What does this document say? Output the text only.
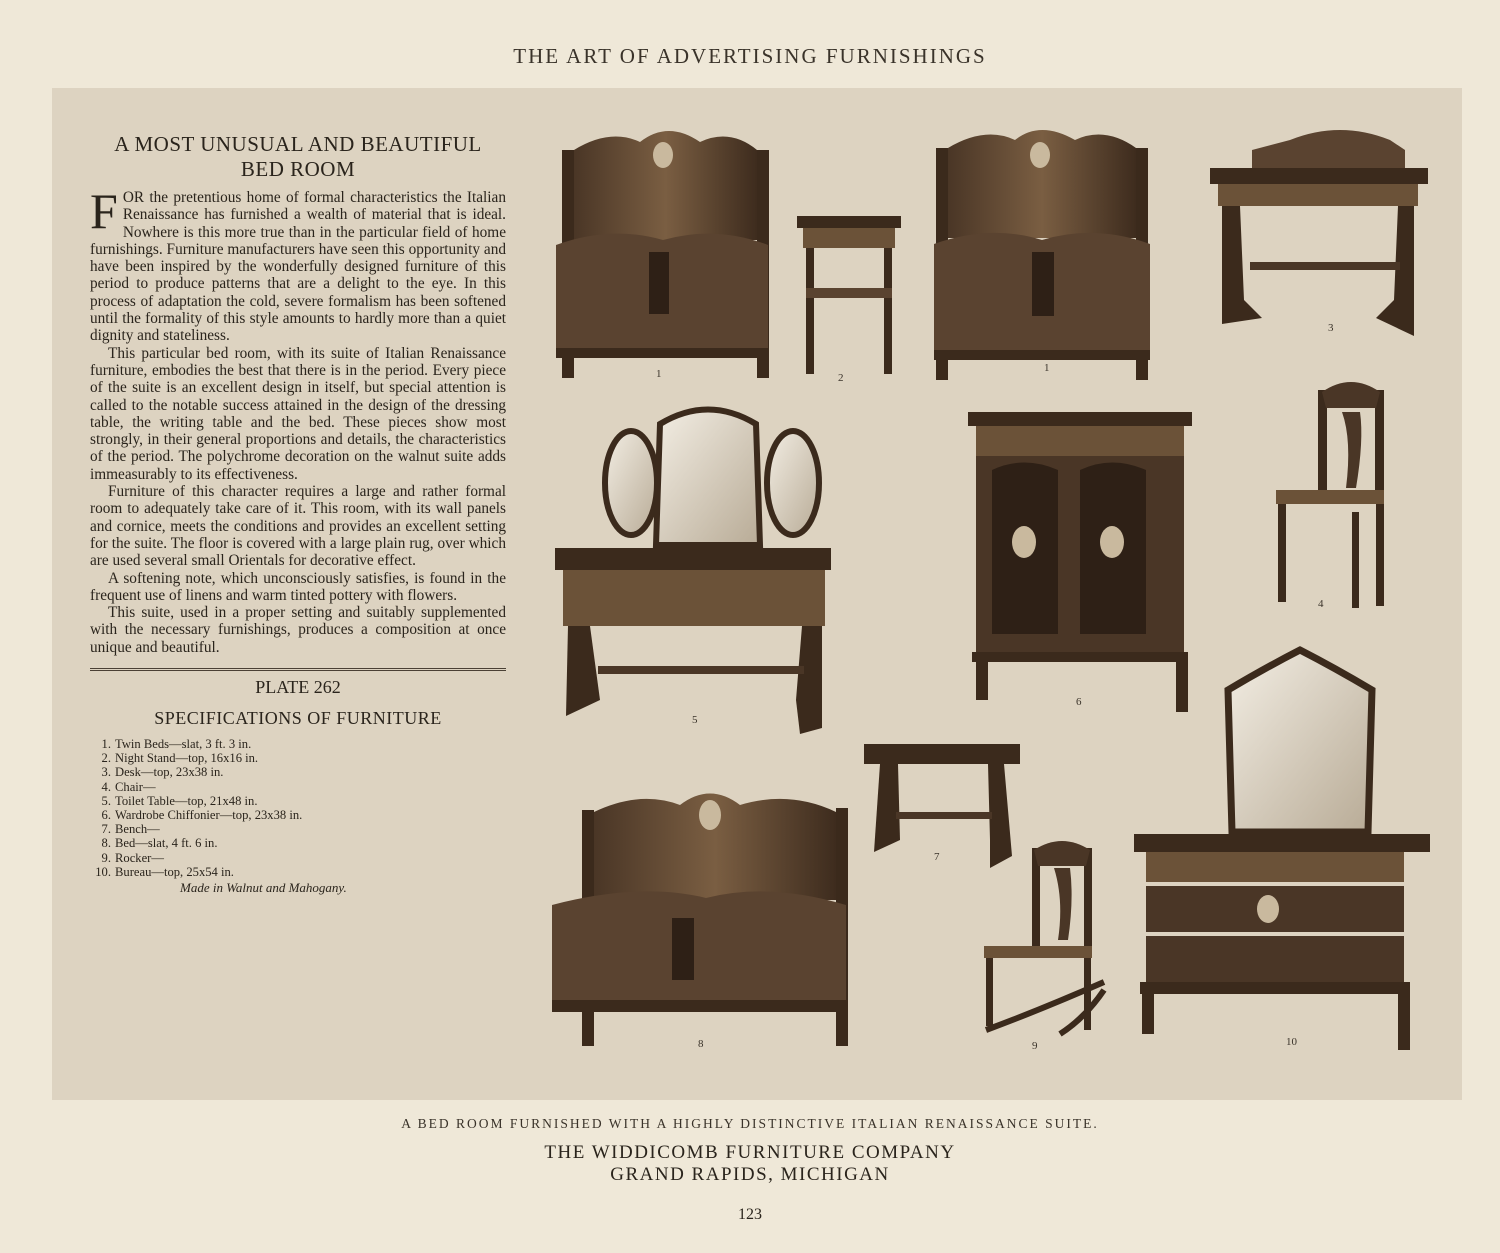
THE ART OF ADVERTISING FURNISHINGS
A MOST UNUSUAL AND BEAUTIFUL
BED ROOM

FOR the pretentious home of formal characteristics the Italian Renaissance has furnished a wealth of material that is ideal. Nowhere is this more true than in the particular field of home furnishings. Furniture manufacturers have seen this opportunity and have been inspired by the wonderfully designed furniture of this period to produce patterns that are a delight to the eye. In this process of adaptation the cold, severe formalism has been softened until the formality of this style amounts to hardly more than a quiet dignity and stateliness.

This particular bed room, with its suite of Italian Renaissance furniture, embodies the best that there is in the period. Every piece of the suite is an excellent design in itself, but special attention is called to the notable success attained in the design of the dressing table, the writing table and the bed. These pieces show most strongly, in their general proportions and details, the characteristics of the period. The polychrome decoration on the walnut suite adds immeasurably to its effectiveness.

Furniture of this character requires a large and rather formal room to adequately take care of it. This room, with its wall panels and cornice, meets the conditions and provides an excellent setting for the suite. The floor is covered with a large plain rug, over which are used several small Orientals for decorative effect.

A softening note, which unconsciously satisfies, is found in the frequent use of linens and warm tinted pottery with flowers.

This suite, used in a proper setting and suitably supplemented with the necessary furnishings, produces a composition at once unique and beautiful.

PLATE 262
SPECIFICATIONS OF FURNITURE
1. Twin Beds—slat, 3 ft. 3 in.
2. Night Stand—top, 16x16 in.
3. Desk—top, 23x38 in.
4. Chair—
5. Toilet Table—top, 21x48 in.
6. Wardrobe Chiffonier—top, 23x38 in.
7. Bench—
8. Bed—slat, 4 ft. 6 in.
9. Rocker—
10. Bureau—top, 25x54 in.
Made in Walnut and Mahogany.
1	2
1
3
4
5
6
7
8	9	10
A BED ROOM FURNISHED WITH A HIGHLY DISTINCTIVE ITALIAN RENAISSANCE SUITE.
THE WIDDICOMB FURNITURE COMPANY
GRAND RAPIDS, MICHIGAN
123
